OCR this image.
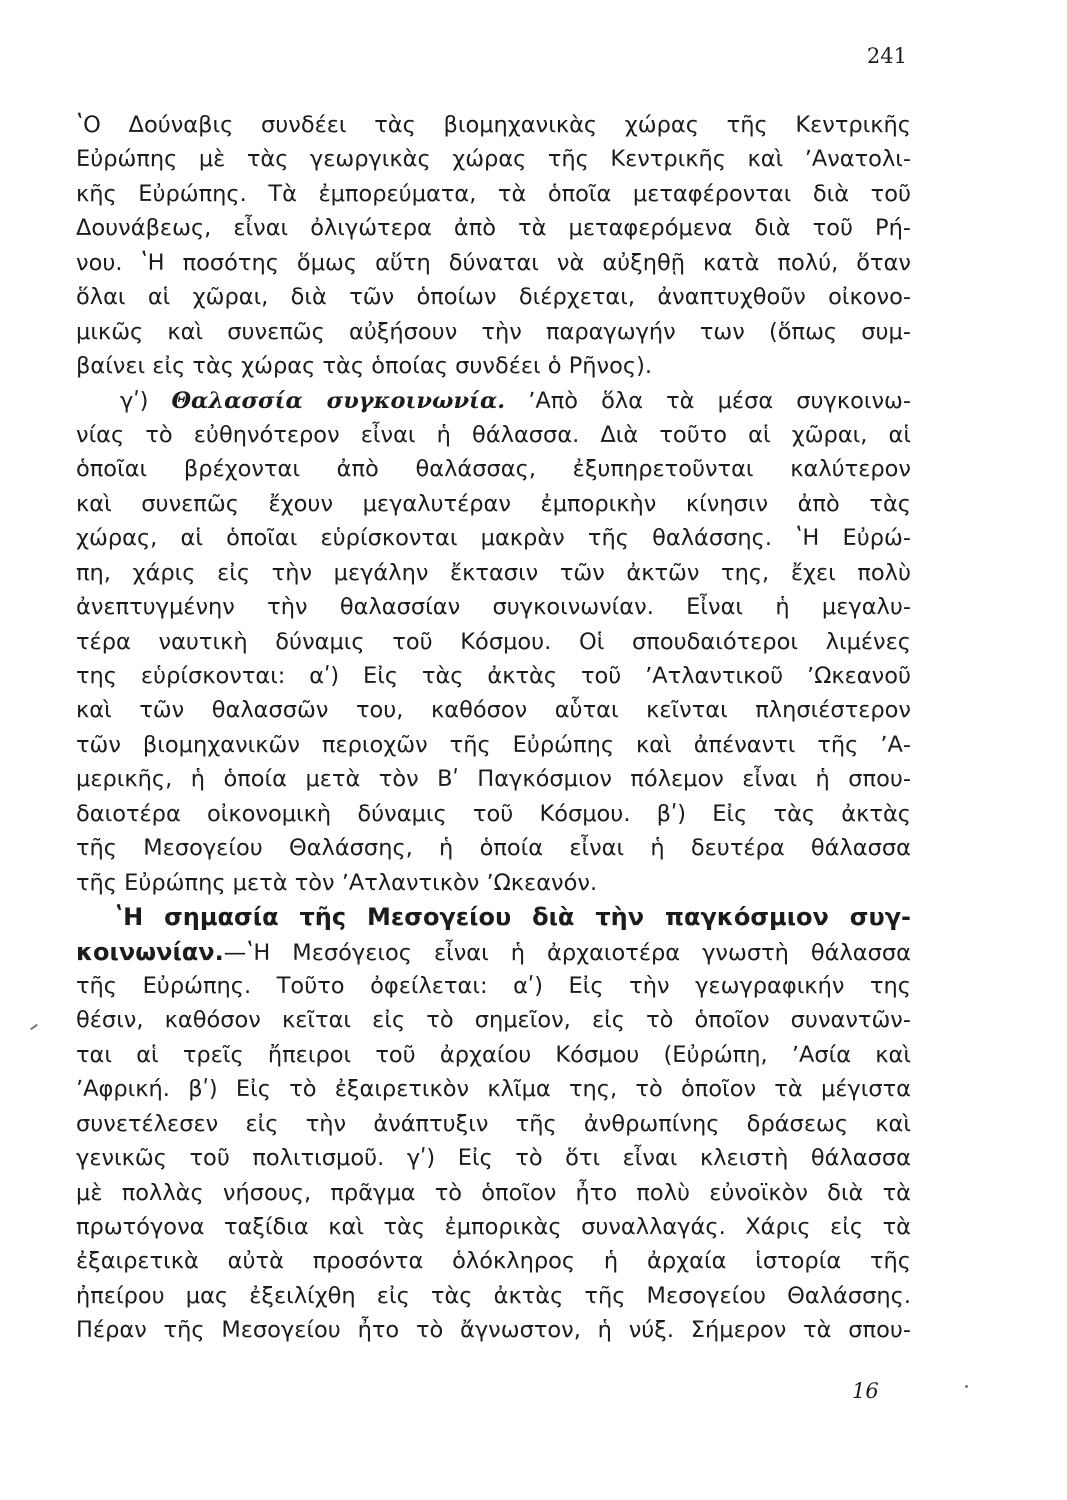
241
ʽΟ Δούναβις συνδέει τὰς βιομηχανικὰς χώρας τῆς Κεντρικῆς
Εὐρώπης μὲ τὰς γεωργικὰς χώρας τῆς Κεντρικῆς καὶ ʼΑνατολι-
κῆς Εὐρώπης. Τὰ ἐμπορεύματα, τὰ ὁποῖα μεταφέρονται διὰ τοῦ
Δουνάβεως, εἶναι ὀλιγώτερα ἀπὸ τὰ μεταφερόμενα διὰ τοῦ Ρή-
νου. ʽΗ ποσότης ὅμως αὕτη δύναται νὰ αὐξηθῇ κατὰ πολύ, ὅταν
ὅλαι αἱ χῶραι, διὰ τῶν ὁποίων διέρχεται, ἀναπτυχθοῦν οἰκονο-
μικῶς καὶ συνεπῶς αὐξήσουν τὴν παραγωγήν των (ὅπως συμ-
βαίνει εἰς τὰς χώρας τὰς ὁποίας συνδέει ὁ Ρῆνος).
γʹ) Θαλασσία συγκοινωνία. ʼΑπὸ ὅλα τὰ μέσα συγκοινω-
νίας τὸ εὐθηνότερον εἶναι ἡ θάλασσα. Διὰ τοῦτο αἱ χῶραι, αἱ
ὁποῖαι βρέχονται ἀπὸ θαλάσσας, ἐξυπηρετοῦνται καλύτερον
καὶ συνεπῶς ἔχουν μεγαλυτέραν ἐμπορικὴν κίνησιν ἀπὸ τὰς
χώρας, αἱ ὁποῖαι εὑρίσκονται μακρὰν τῆς θαλάσσης. ʽΗ Εὐρώ-
πη, χάρις εἰς τὴν μεγάλην ἔκτασιν τῶν ἀκτῶν της, ἔχει πολὺ
ἀνεπτυγμένην τὴν θαλασσίαν συγκοινωνίαν. Εἶναι ἡ μεγαλυ-
τέρα ναυτικὴ δύναμις τοῦ Κόσμου. Οἱ σπουδαιότεροι λιμένες
της εὑρίσκονται: αʹ) Εἰς τὰς ἀκτὰς τοῦ ʼΑτλαντικοῦ ʼΩκεανοῦ
καὶ τῶν θαλασσῶν του, καθόσον αὗται κεῖνται πλησιέστερον
τῶν βιομηχανικῶν περιοχῶν τῆς Εὐρώπης καὶ ἀπέναντι τῆς ʼΑ-
μερικῆς, ἡ ὁποία μετὰ τὸν Βʹ Παγκόσμιον πόλεμον εἶναι ἡ σπου-
δαιοτέρα οἰκονομικὴ δύναμις τοῦ Κόσμου. βʹ) Εἰς τὰς ἀκτὰς
τῆς Μεσογείου Θαλάσσης, ἡ ὁποία εἶναι ἡ δευτέρα θάλασσα
τῆς Εὐρώπης μετὰ τὸν ʼΑτλαντικὸν ʼΩκεανόν.
ʽΗ σημασία τῆς Μεσογείου διὰ τὴν παγκόσμιον συγ-
κοινωνίαν.—ʽΗ Μεσόγειος εἶναι ἡ ἀρχαιοτέρα γνωστὴ θάλασσα
τῆς Εὐρώπης. Τοῦτο ὀφείλεται: αʹ) Εἰς τὴν γεωγραφικήν της
θέσιν, καθόσον κεῖται εἰς τὸ σημεῖον, εἰς τὸ ὁποῖον συναντῶν-
ται αἱ τρεῖς ἤπειροι τοῦ ἀρχαίου Κόσμου (Εὐρώπη, ʼΑσία καὶ
ʼΑφρική. βʹ) Εἰς τὸ ἐξαιρετικὸν κλῖμα της, τὸ ὁποῖον τὰ μέγιστα
συνετέλεσεν εἰς τὴν ἀνάπτυξιν τῆς ἀνθρωπίνης δράσεως καὶ
γενικῶς τοῦ πολιτισμοῦ. γʹ) Εἰς τὸ ὅτι εἶναι κλειστὴ θάλασσα
μὲ πολλὰς νήσους, πρᾶγμα τὸ ὁποῖον ἦτο πολὺ εὐνοϊκὸν διὰ τὰ
πρωτόγονα ταξίδια καὶ τὰς ἐμπορικὰς συναλλαγάς. Χάρις εἰς τὰ
ἐξαιρετικὰ αὐτὰ προσόντα ὁλόκληρος ἡ ἀρχαία ἱστορία τῆς
ἠπείρου μας ἐξειλίχθη εἰς τὰς ἀκτὰς τῆς Μεσογείου Θαλάσσης.
Πέραν τῆς Μεσογείου ἦτο τὸ ἄγνωστον, ἡ νύξ. Σήμερον τὰ σπου-
16
